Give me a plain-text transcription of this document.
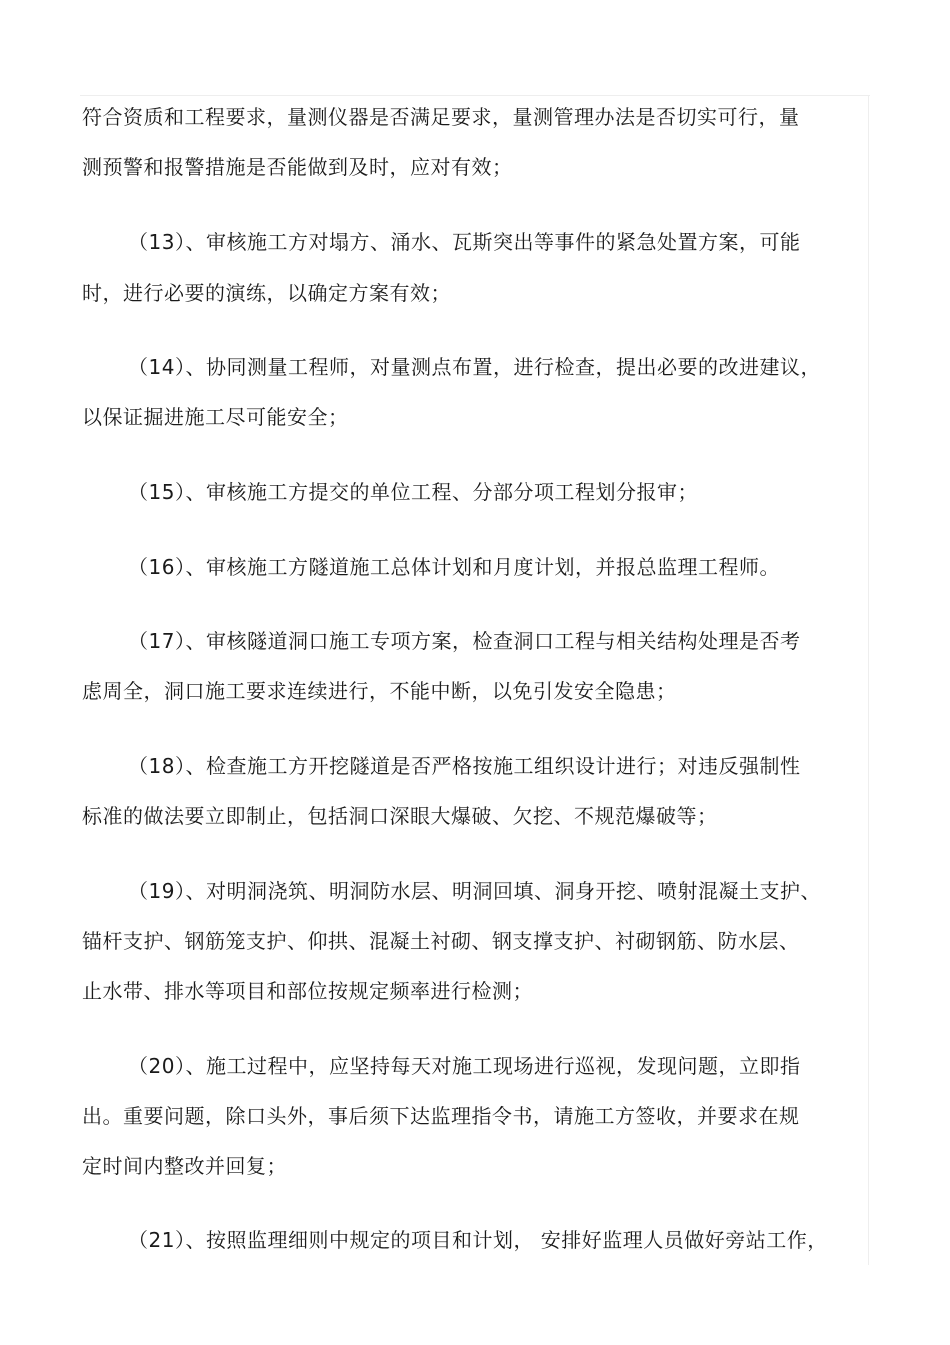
符合资质和工程要求，量测仪器是否满足要求，量测管理办法是否切实可行，量
测预警和报警措施是否能做到及时，应对有效；
（13）、审核施工方对塌方、涌水、瓦斯突出等事件的紧急处置方案，可能
时，进行必要的演练，以确定方案有效；
（14）、协同测量工程师，对量测点布置，进行检查，提出必要的改进建议，
以保证掘进施工尽可能安全；
（15）、审核施工方提交的单位工程、分部分项工程划分报审；
（16）、审核施工方隧道施工总体计划和月度计划，并报总监理工程师。
（17）、审核隧道洞口施工专项方案，检查洞口工程与相关结构处理是否考
虑周全，洞口施工要求连续进行，不能中断，以免引发安全隐患；
（18）、检查施工方开挖隧道是否严格按施工组织设计进行；对违反强制性
标准的做法要立即制止，包括洞口深眼大爆破、欠挖、不规范爆破等；
（19）、对明洞浇筑、明洞防水层、明洞回填、洞身开挖、喷射混凝土支护、
锚杆支护、钢筋笼支护、仰拱、混凝土衬砌、钢支撑支护、衬砌钢筋、防水层、
止水带、排水等项目和部位按规定频率进行检测；
（20）、施工过程中，应坚持每天对施工现场进行巡视，发现问题，立即指
出。重要问题，除口头外，事后须下达监理指令书，请施工方签收，并要求在规
定时间内整改并回复；
（21）、按照监理细则中规定的项目和计划， 安排好监理人员做好旁站工作，
